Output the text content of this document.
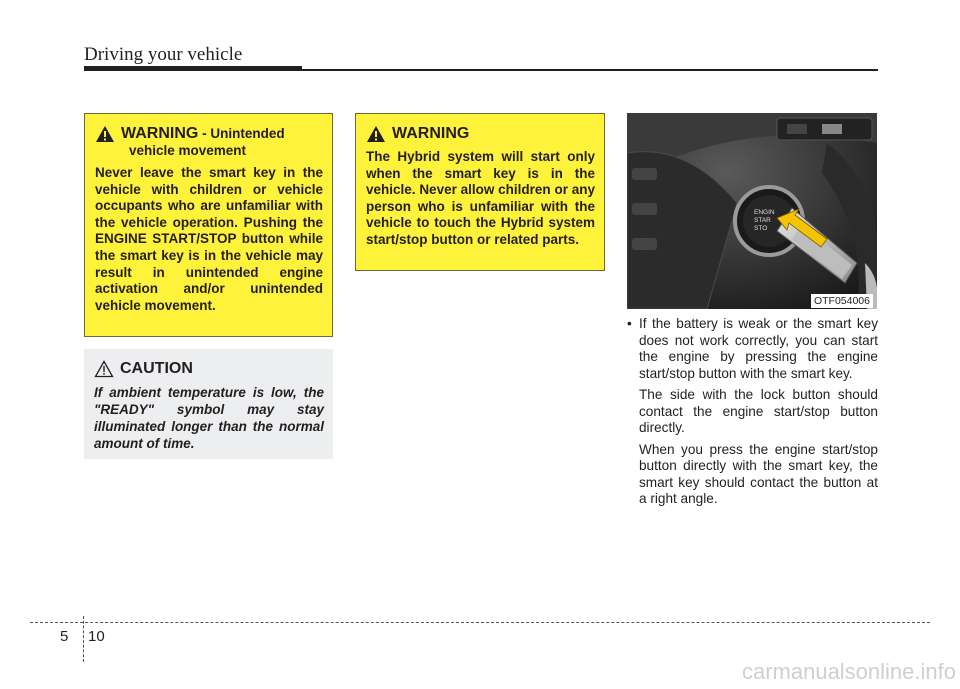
Driving your vehicle
WARNING - Unintended
vehicle movement
Never leave the smart key in the vehicle with children or vehicle occupants who are unfamiliar with the vehicle operation. Pushing the ENGINE START/STOP button while the smart key is in the vehicle may result in unintended engine activation and/or unintended vehicle movement.
CAUTION
If ambient temperature is low, the "READY" symbol may stay illuminated longer than the normal amount of time.
WARNING
The Hybrid system will start only when the smart key is in the vehicle. Never allow children or any person who is unfamiliar with the vehicle to touch the Hybrid system start/stop button or related parts.
ENGIN
STAR
STO
OTF054006
• If the battery is weak or the smart key does not work correctly, you can start the engine by pressing the engine start/stop button with the smart key.
The side with the lock button should contact the engine start/stop button directly.
When you press the engine start/stop button directly with the smart key, the smart key should contact the button at a right angle.
5 10
carmanualsonline.info
